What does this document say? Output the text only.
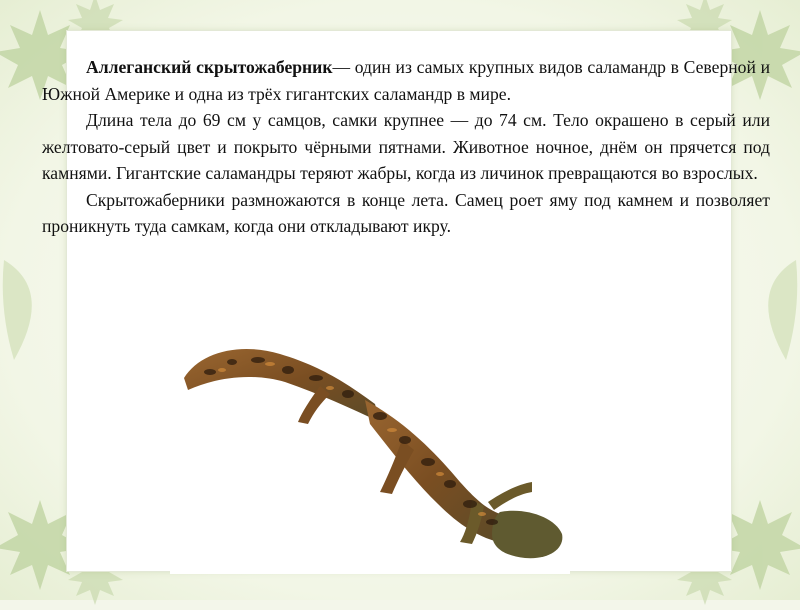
Аллеганский скрытожаберник— один из самых крупных видов саламандр в Северной и Южной Америке и одна из трёх гигантских саламандр в мире.

Длина тела до 69 см у самцов, самки крупнее — до 74 см. Тело окрашено в серый или желтовато-серый цвет и покрыто чёрными пятнами. Животное ночное, днём он прячется под камнями. Гигантские саламандры теряют жабры, когда из личинок превращаются во взрослых.

Скрытожаберники размножаются в конце лета. Самец роет яму под камнем и позволяет проникнуть туда самкам, когда они откладывают икру.
